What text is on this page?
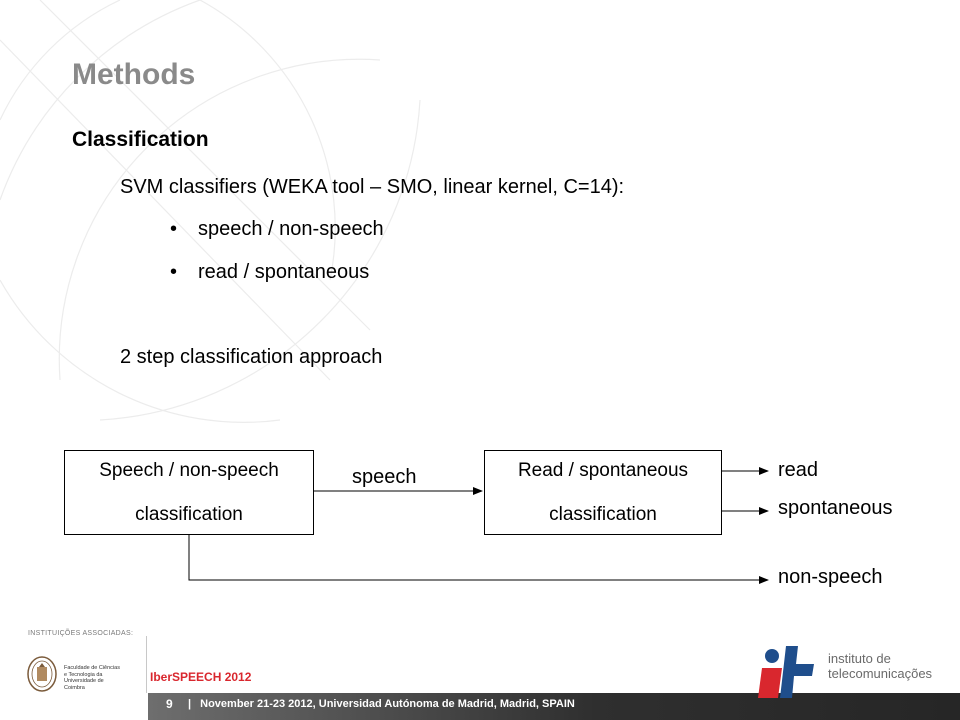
Methods
Classification
SVM classifiers (WEKA tool – SMO, linear kernel, C=14):
• speech / non-speech
• read / spontaneous
2 step classification approach
Speech / non-speech
classification
Read / spontaneous
classification
speech	read
spontaneous
non-speech
INSTITUIÇÕES ASSOCIADAS:
Faculdade de Ciências e Tecnologia da Universidade de Coimbra
IberSPEECH 2012
9 | November 21-23 2012, Universidad Autónoma de Madrid, Madrid, SPAIN
instituto de
telecomunicações
